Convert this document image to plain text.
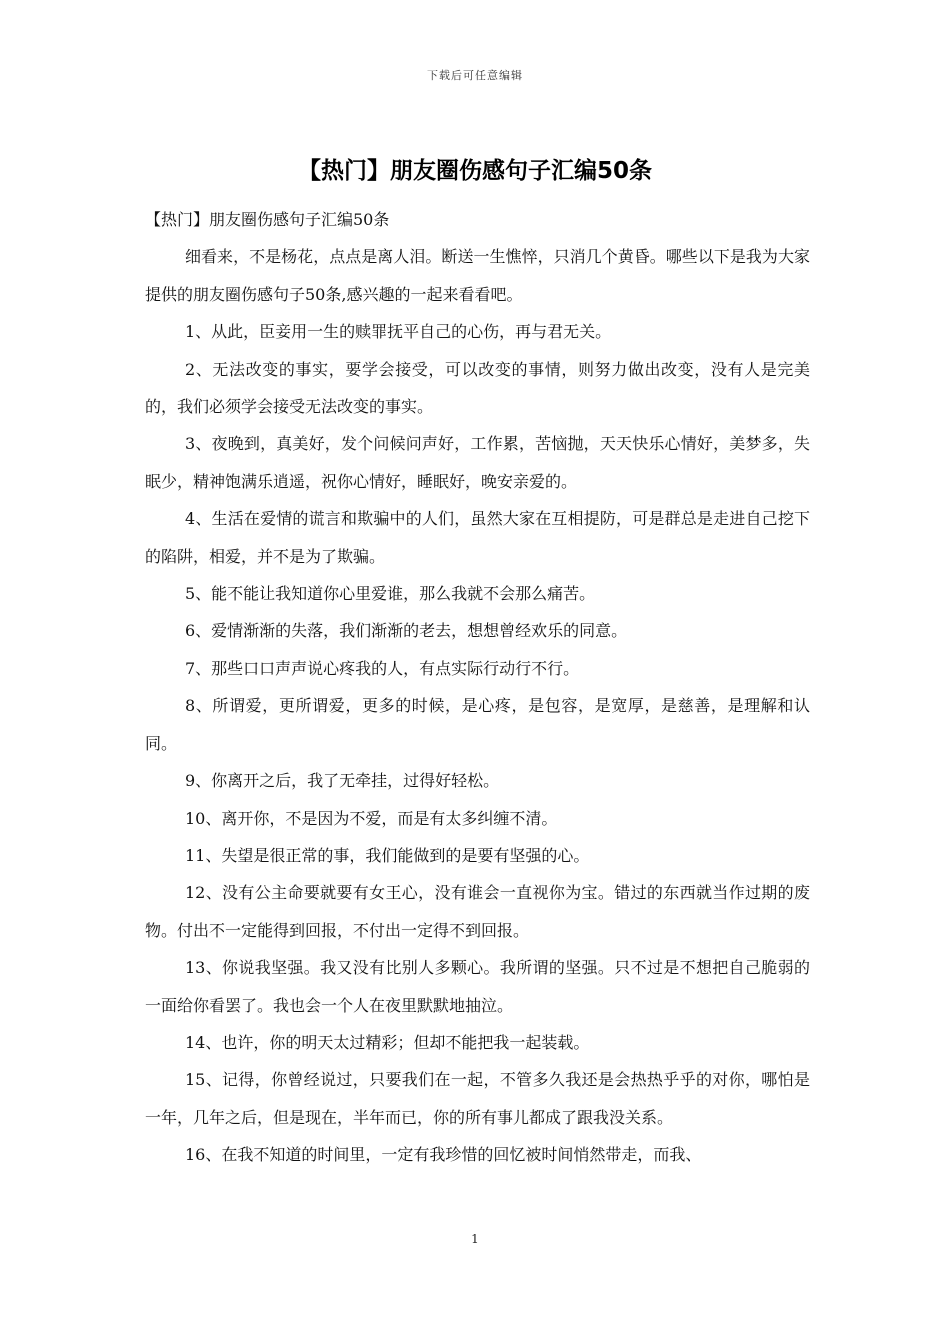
下载后可任意编辑
【热门】朋友圈伤感句子汇编50条

【热门】朋友圈伤感句子汇编50条

细看来，不是杨花，点点是离人泪。断送一生憔悴，只消几个黄昏。哪些以下是我为大家提供的朋友圈伤感句子50条,感兴趣的一起来看看吧。

1、从此，臣妾用一生的赎罪抚平自己的心伤，再与君无关。

2、无法改变的事实，要学会接受，可以改变的事情，则努力做出改变，没有人是完美的，我们必须学会接受无法改变的事实。

3、夜晚到，真美好，发个问候问声好，工作累，苦恼抛，天天快乐心情好，美梦多，失眠少，精神饱满乐逍遥，祝你心情好，睡眠好，晚安亲爱的。

4、生活在爱情的谎言和欺骗中的人们，虽然大家在互相提防，可是群总是走进自己挖下的陷阱，相爱，并不是为了欺骗。

5、能不能让我知道你心里爱谁，那么我就不会那么痛苦。

6、爱情渐渐的失落，我们渐渐的老去，想想曾经欢乐的同意。

7、那些口口声声说心疼我的人，有点实际行动行不行。

8、所谓爱，更所谓爱，更多的时候，是心疼，是包容，是宽厚，是慈善，是理解和认同。

9、你离开之后，我了无牵挂，过得好轻松。

10、离开你，不是因为不爱，而是有太多纠缠不清。

11、失望是很正常的事，我们能做到的是要有坚强的心。

12、没有公主命要就要有女王心，没有谁会一直视你为宝。错过的东西就当作过期的废物。付出不一定能得到回报，不付出一定得不到回报。

13、你说我坚强。我又没有比别人多颗心。我所谓的坚强。只不过是不想把自己脆弱的一面给你看罢了。我也会一个人在夜里默默地抽泣。

14、也许，你的明天太过精彩；但却不能把我一起装载。

15、记得，你曾经说过，只要我们在一起，不管多久我还是会热热乎乎的对你，哪怕是一年，几年之后，但是现在，半年而已，你的所有事儿都成了跟我没关系。

16、在我不知道的时间里，一定有我珍惜的回忆被时间悄然带走，而我、

1
